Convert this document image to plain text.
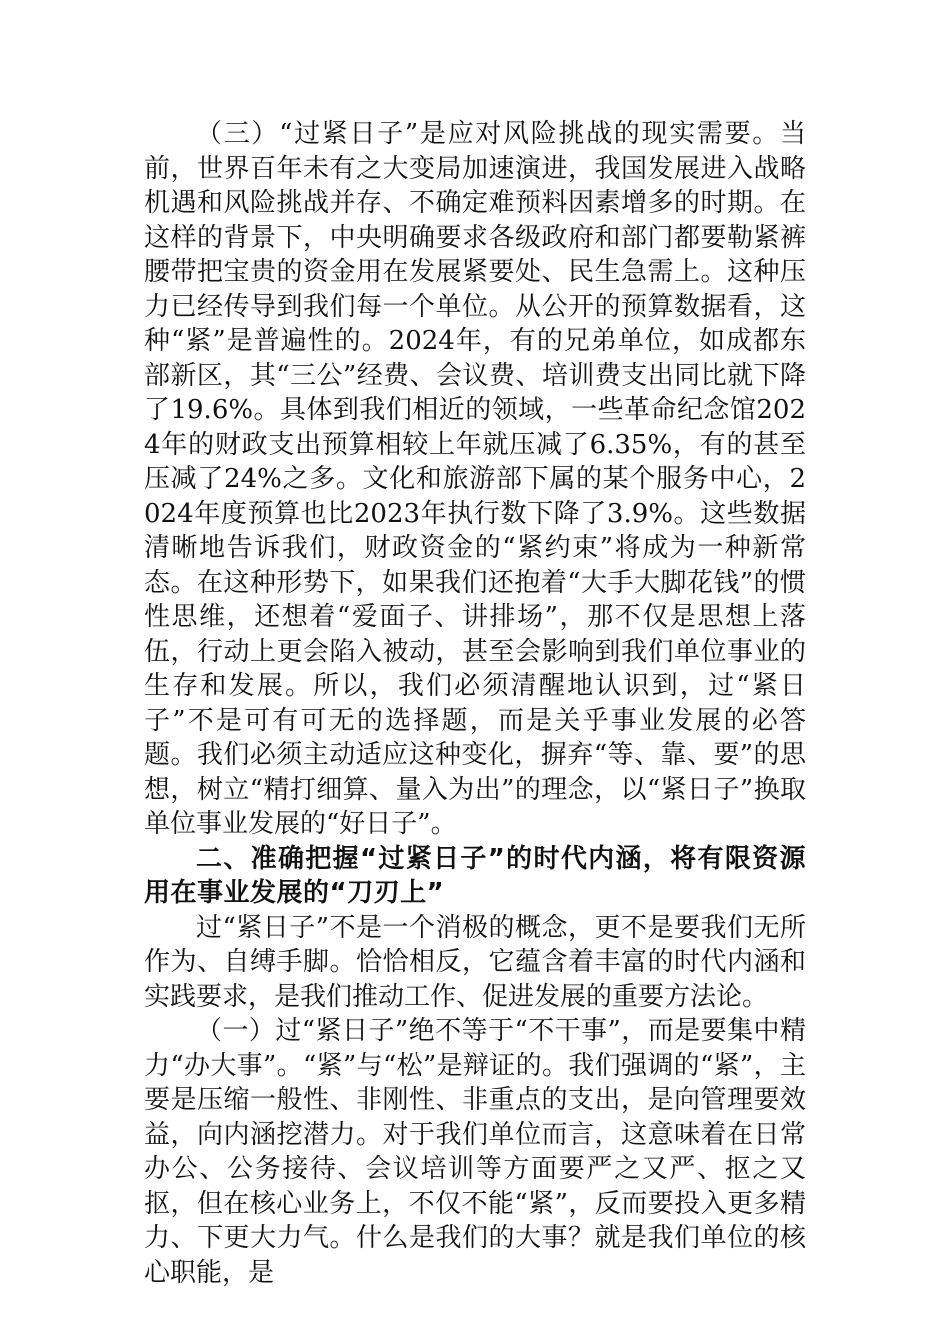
（三）“过紧日子”是应对风险挑战的现实需要。当前，世界百年未有之大变局加速演进，我国发展进入战略机遇和风险挑战并存、不确定难预料因素增多的时期。在这样的背景下，中央明确要求各级政府和部门都要勒紧裤腰带把宝贵的资金用在发展紧要处、民生急需上。这种压力已经传导到我们每一个单位。从公开的预算数据看，这种“紧”是普遍性的。2024年，有的兄弟单位，如成都东部新区，其“三公”经费、会议费、培训费支出同比就下降了19.6%。具体到我们相近的领域，一些革命纪念馆2024年的财政支出预算相较上年就压减了6.35%，有的甚至压减了24%之多。文化和旅游部下属的某个服务中心，2024年度预算也比2023年执行数下降了3.9%。这些数据清晰地告诉我们，财政资金的“紧约束”将成为一种新常态。在这种形势下，如果我们还抱着“大手大脚花钱”的惯性思维，还想着“爱面子、讲排场”，那不仅是思想上落伍，行动上更会陷入被动，甚至会影响到我们单位事业的生存和发展。所以，我们必须清醒地认识到，过“紧日子”不是可有可无的选择题，而是关乎事业发展的必答题。我们必须主动适应这种变化，摒弃“等、靠、要”的思想，树立“精打细算、量入为出”的理念，以“紧日子”换取单位事业发展的“好日子”。

二、准确把握“过紧日子”的时代内涵，将有限资源用在事业发展的“刀刃上”

过“紧日子”不是一个消极的概念，更不是要我们无所作为、自缚手脚。恰恰相反，它蕴含着丰富的时代内涵和实践要求，是我们推动工作、促进发展的重要方法论。

（一）过“紧日子”绝不等于“不干事”，而是要集中精力“办大事”。“紧”与“松”是辩证的。我们强调的“紧”，主要是压缩一般性、非刚性、非重点的支出，是向管理要效益，向内涵挖潜力。对于我们单位而言，这意味着在日常办公、公务接待、会议培训等方面要严之又严、抠之又抠，但在核心业务上，不仅不能“紧”，反而要投入更多精力、下更大力气。什么是我们的大事？就是我们单位的核心职能，是
